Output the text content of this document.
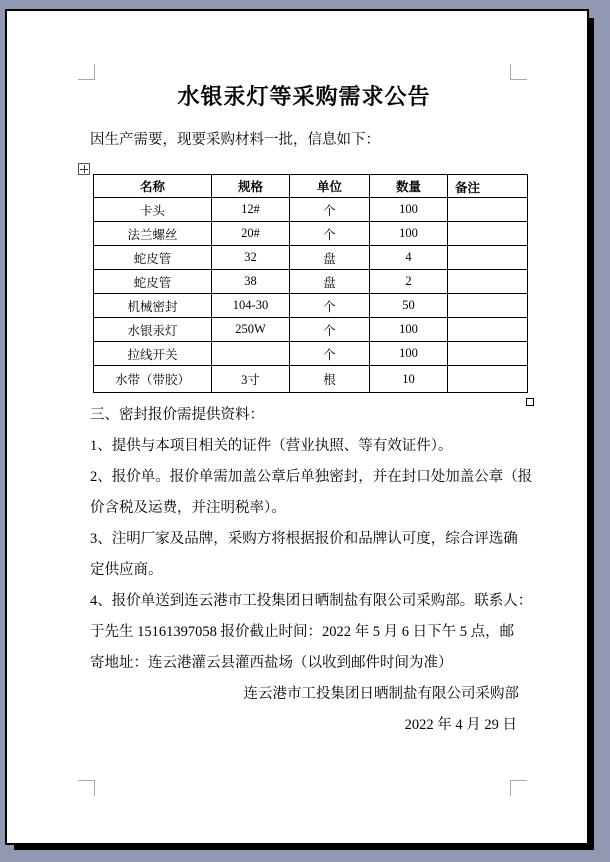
水银汞灯等采购需求公告
因生产需要，现要采购材料一批，信息如下：
名称	规格	单位	数量	备注
卡头	12#	个	100	
法兰螺丝	20#	个	100	
蛇皮管	32	盘	4	
蛇皮管	38	盘	2	
机械密封	104-30	个	50	
水银汞灯	250W	个	100	
拉线开关		个	100	
水带（带胶）	3寸	根	10	
三、密封报价需提供资料：
1、提供与本项目相关的证件（营业执照、等有效证件）。
2、报价单。报价单需加盖公章后单独密封，并在封口处加盖公章（报
价含税及运费，并注明税率）。
3、注明厂家及品牌，采购方将根据报价和品牌认可度，综合评选确
定供应商。
4、报价单送到连云港市工投集团日晒制盐有限公司采购部。联系人：
于先生 15161397058 报价截止时间：2022 年 5 月 6 日下午 5 点，邮
寄地址：连云港灌云县灌西盐场（以收到邮件时间为准）
连云港市工投集团日晒制盐有限公司采购部
2022 年 4 月 29 日
